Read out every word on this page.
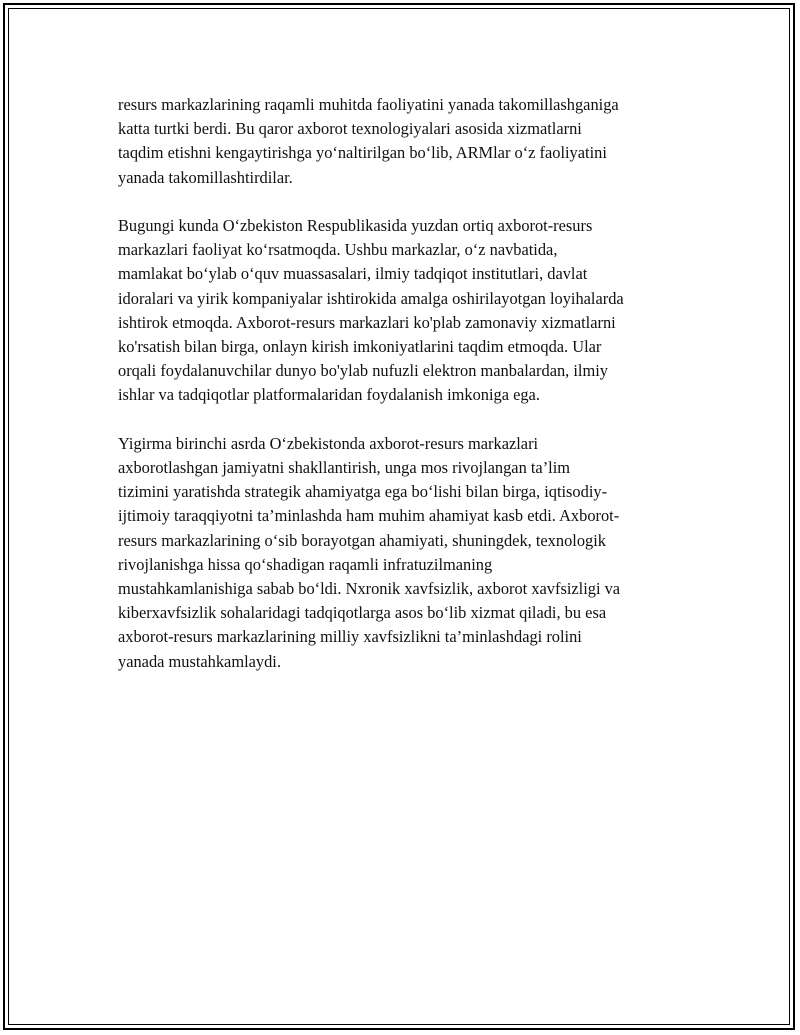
resurs markazlarining raqamli muhitda faoliyatini yanada takomillashganiga
katta turtki berdi. Bu qaror axborot texnologiyalari asosida xizmatlarni
taqdim etishni kengaytirishga yo‘naltirilgan bo‘lib, ARMlar o‘z faoliyatini
yanada takomillashtirdilar.
Bugungi kunda O‘zbekiston Respublikasida yuzdan ortiq axborot-resurs
markazlari faoliyat ko‘rsatmoqda. Ushbu markazlar, o‘z navbatida,
mamlakat bo‘ylab o‘quv muassasalari, ilmiy tadqiqot institutlari, davlat
idoralari va yirik kompaniyalar ishtirokida amalga oshirilayotgan loyihalarda
ishtirok etmoqda. Axborot-resurs markazlari ko'plab zamonaviy xizmatlarni
ko'rsatish bilan birga, onlayn kirish imkoniyatlarini taqdim etmoqda. Ular
orqali foydalanuvchilar dunyo bo'ylab nufuzli elektron manbalardan, ilmiy
ishlar va tadqiqotlar platformalaridan foydalanish imkoniga ega.
Yigirma birinchi asrda O‘zbekistonda axborot-resurs markazlari
axborotlashgan jamiyatni shakllantirish, unga mos rivojlangan ta’lim
tizimini yaratishda strategik ahamiyatga ega bo‘lishi bilan birga, iqtisodiy-
ijtimoiy taraqqiyotni ta’minlashda ham muhim ahamiyat kasb etdi. Axborot-
resurs markazlarining o‘sib borayotgan ahamiyati, shuningdek, texnologik
rivojlanishga hissa qo‘shadigan raqamli infratuzilmaning
mustahkamlanishiga sabab bo‘ldi. Nxronik xavfsizlik, axborot xavfsizligi va
kiberxavfsizlik sohalaridagi tadqiqotlarga asos bo‘lib xizmat qiladi, bu esa
axborot-resurs markazlarining milliy xavfsizlikni ta’minlashdagi rolini
yanada mustahkamlaydi.
